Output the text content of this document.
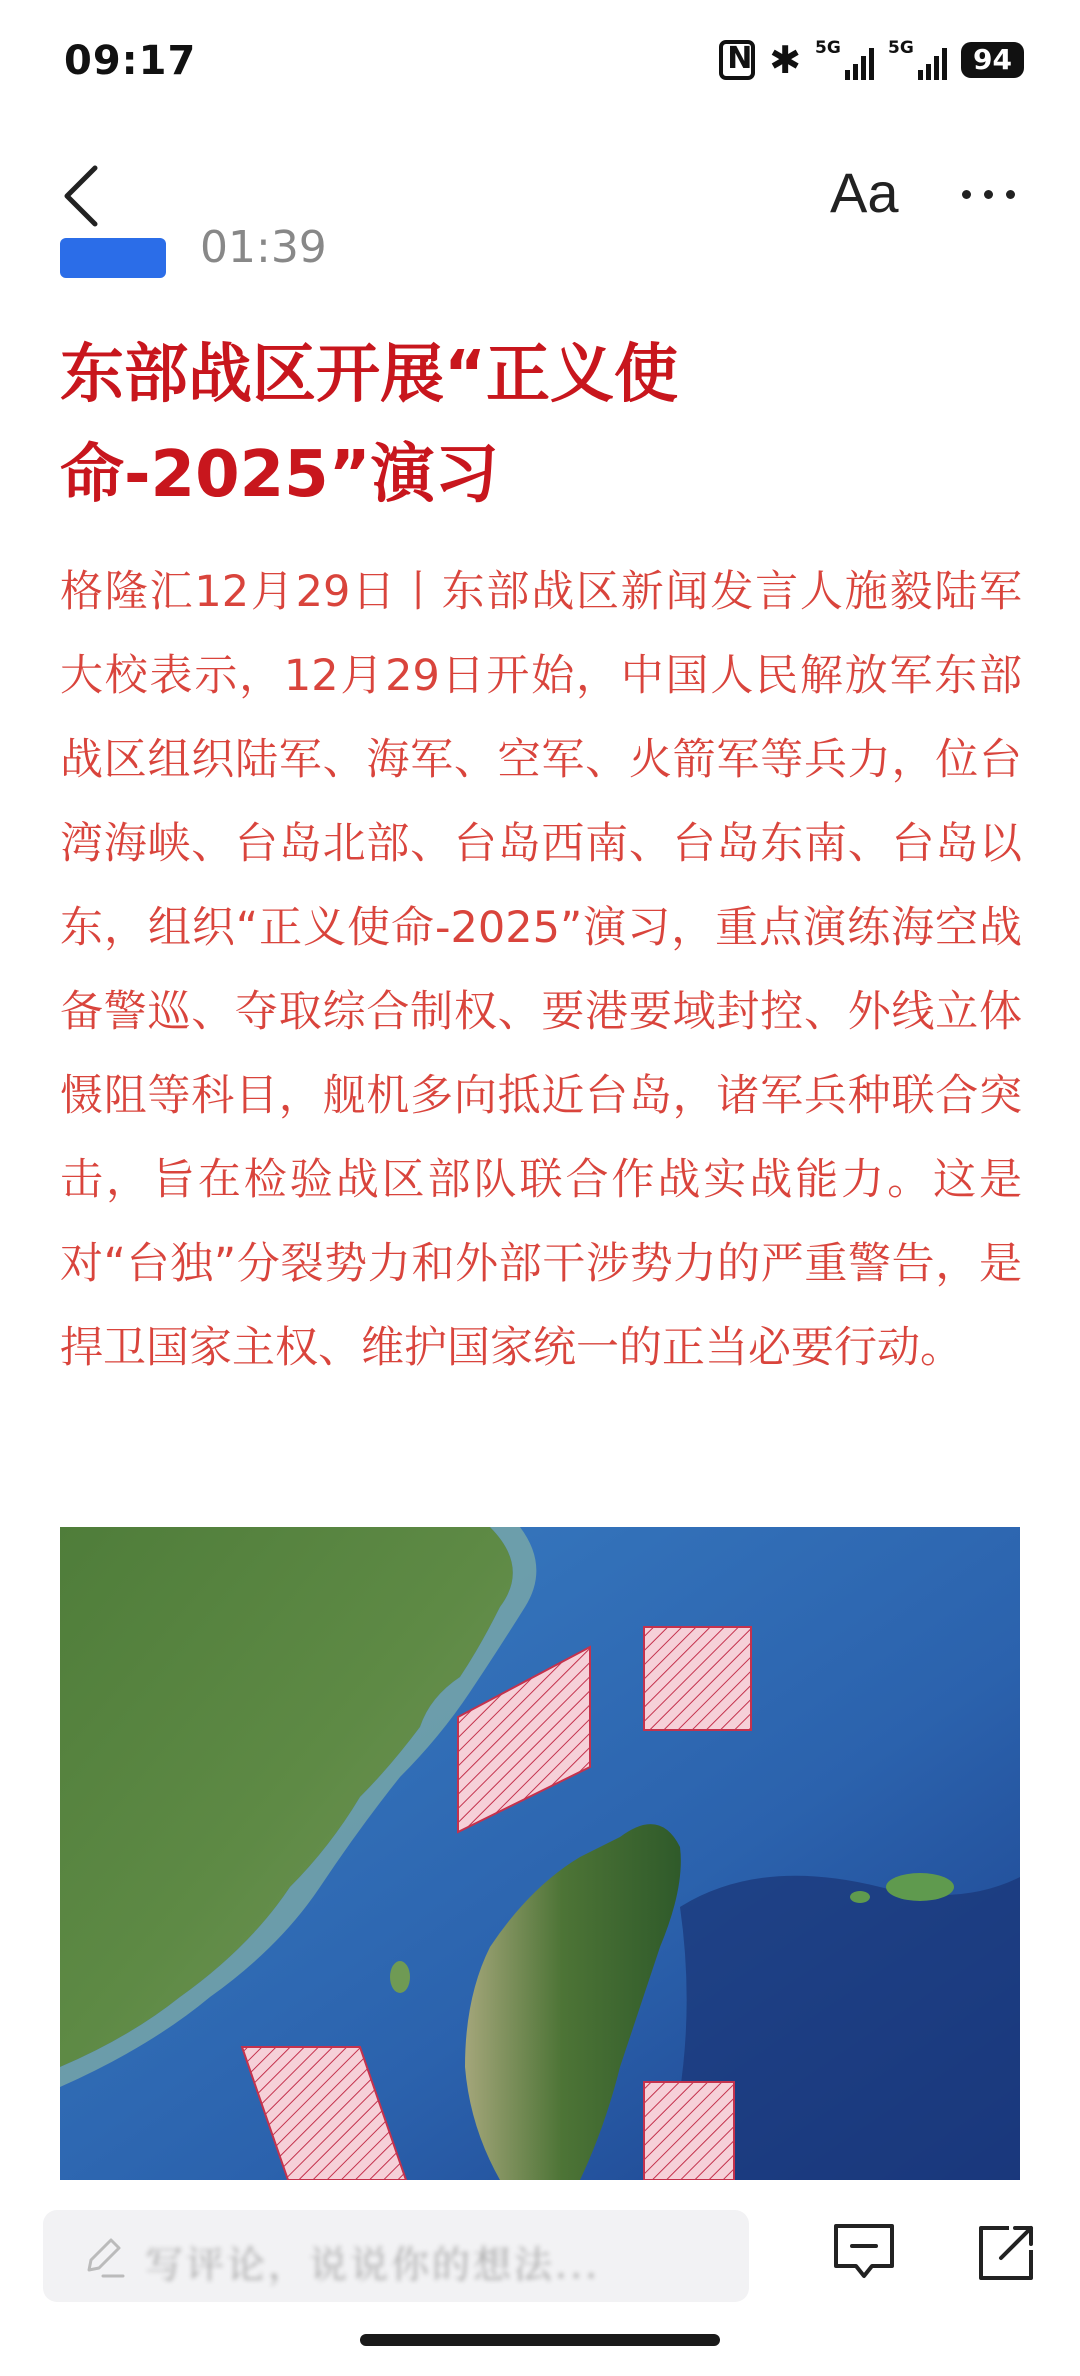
09:17
N	✱ 5G	5G	94
Aa
01:39
东部战区开展“正义使
命-2025”演习

格隆汇12月29日丨东部战区新闻发言人施毅陆军大校表示，12月29日开始，中国人民解放军东部战区组织陆军、海军、空军、火箭军等兵力，位台湾海峡、台岛北部、台岛西南、台岛东南、台岛以东，组织“正义使命-2025”演习，重点演练海空战备警巡、夺取综合制权、要港要域封控、外线立体慑阻等科目，舰机多向抵近台岛，诸军兵种联合突击，旨在检验战区部队联合作战实战能力。这是对“台独”分裂势力和外部干涉势力的严重警告，是捍卫国家主权、维护国家统一的正当必要行动。

写评论，说说你的想法...
